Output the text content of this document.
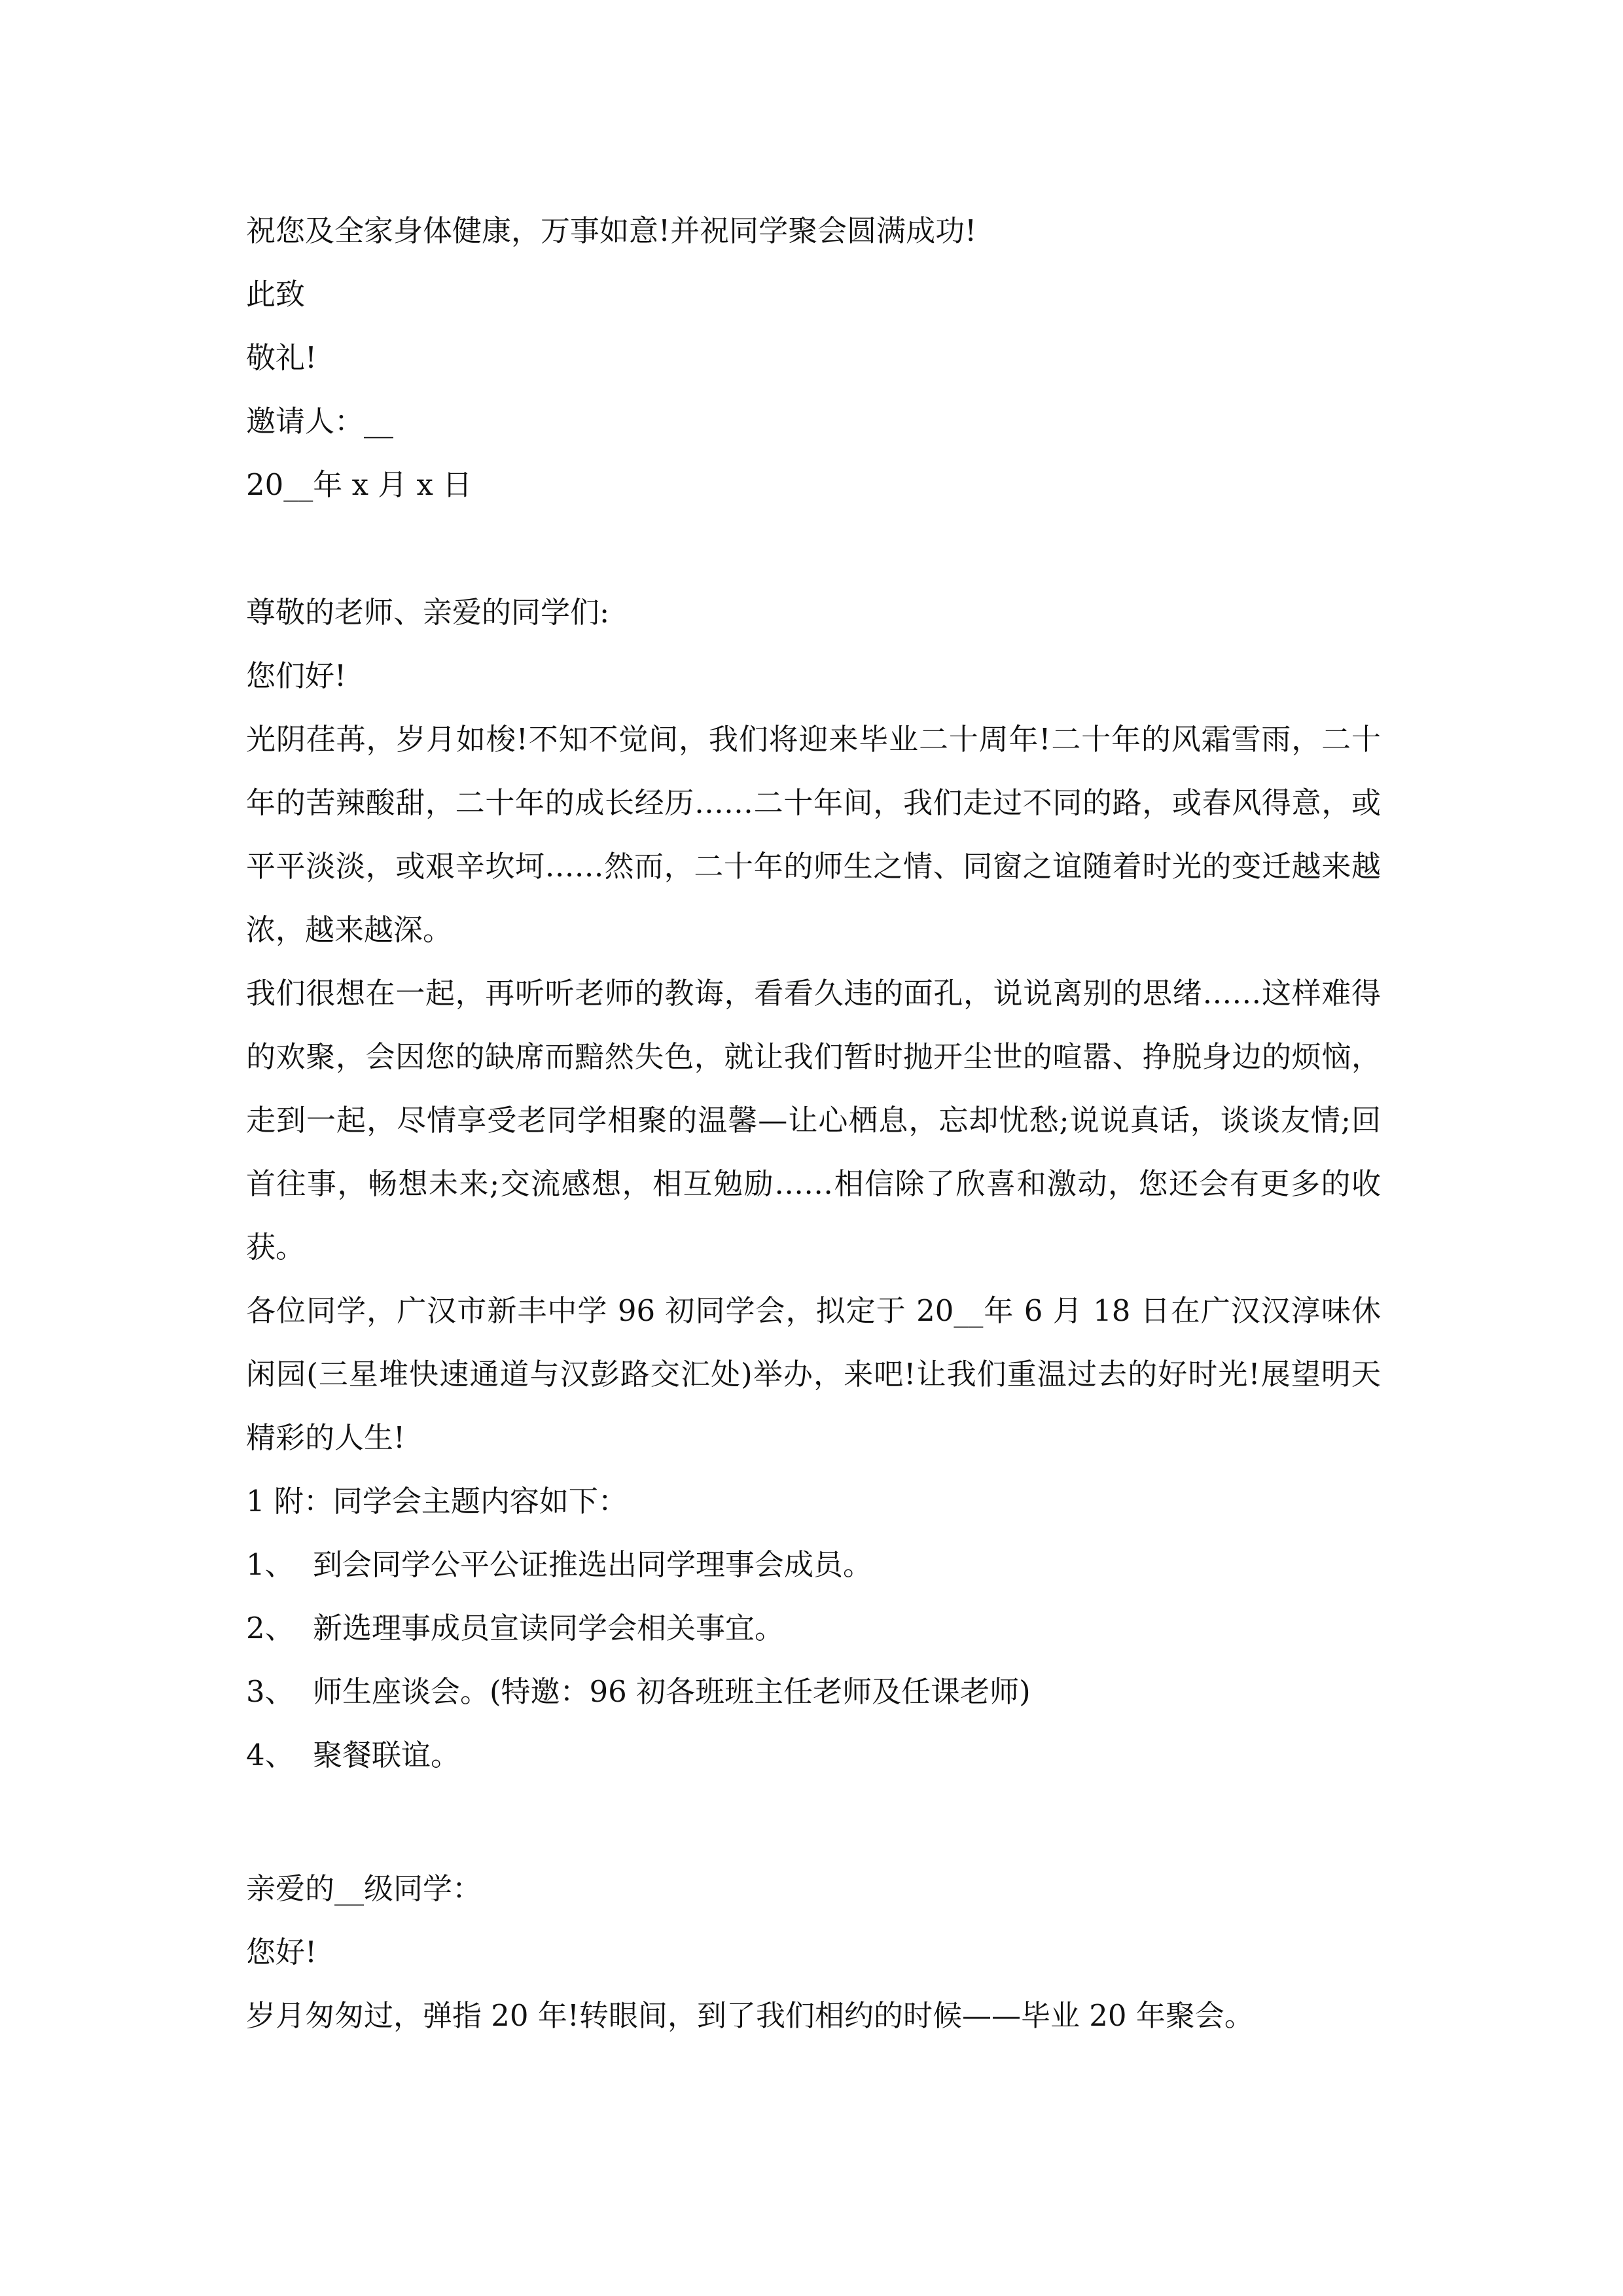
祝您及全家身体健康，万事如意!并祝同学聚会圆满成功!

此致

敬礼!

邀请人：__

20__年 x 月 x 日

尊敬的老师、亲爱的同学们:

您们好!

光阴荏苒，岁月如梭!不知不觉间，我们将迎来毕业二十周年!二十年的风霜雪雨，二十年的苦辣酸甜，二十年的成长经历……二十年间，我们走过不同的路，或春风得意，或平平淡淡，或艰辛坎坷……然而，二十年的师生之情、同窗之谊随着时光的变迁越来越浓，越来越深。

我们很想在一起，再听听老师的教诲，看看久违的面孔，说说离别的思绪……这样难得的欢聚，会因您的缺席而黯然失色，就让我们暂时抛开尘世的喧嚣、挣脱身边的烦恼，走到一起，尽情享受老同学相聚的温馨—让心栖息，忘却忧愁;说说真话，谈谈友情;回首往事，畅想未来;交流感想，相互勉励……相信除了欣喜和激动，您还会有更多的收获。

各位同学，广汉市新丰中学 96 初同学会，拟定于 20__年 6 月 18 日在广汉汉淳味休闲园(三星堆快速通道与汉彭路交汇处)举办，来吧!让我们重温过去的好时光!展望明天精彩的人生!

1 附：同学会主题内容如下：

1、 到会同学公平公证推选出同学理事会成员。
2、 新选理事成员宣读同学会相关事宜。
3、 师生座谈会。(特邀：96 初各班班主任老师及任课老师)
4、 聚餐联谊。

亲爱的__级同学：

您好!

岁月匆匆过，弹指 20 年!转眼间，到了我们相约的时候——毕业 20 年聚会。
